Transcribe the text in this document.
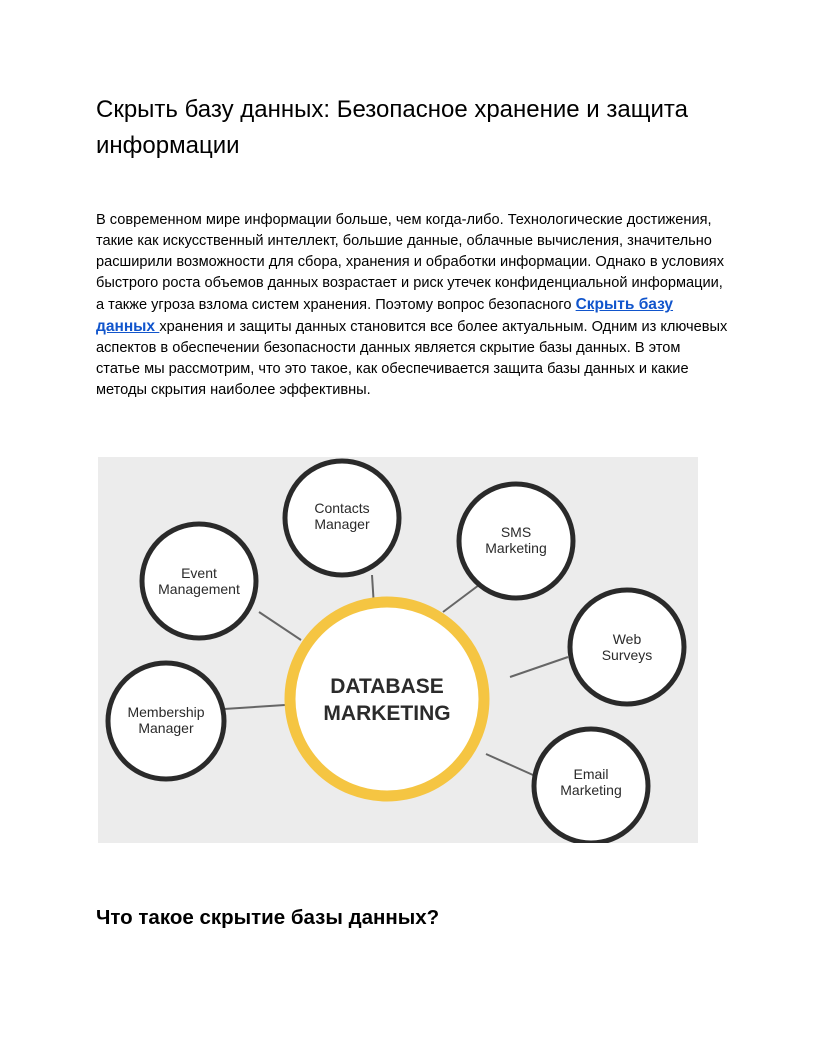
Скрыть базу данных: Безопасное хранение и защита информации

В современном мире информации больше, чем когда-либо. Технологические достижения, такие как искусственный интеллект, большие данные, облачные вычисления, значительно расширили возможности для сбора, хранения и обработки информации. Однако в условиях быстрого роста объемов данных возрастает и риск утечек конфиденциальной информации, а также угроза взлома систем хранения. Поэтому вопрос безопасного Скрыть базу данных хранения и защиты данных становится все более актуальным. Одним из ключевых аспектов в обеспечении безопасности данных является скрытие базы данных. В этом статье мы рассмотрим, что это такое, как обеспечивается защита базы данных и какие методы скрытия наиболее эффективны.

DATABASE
MARKETING
Contacts
Manager	SMS
Marketing
Event
Management
Web
Surveys
Membership
Manager
Email
Marketing
Что такое скрытие базы данных?
